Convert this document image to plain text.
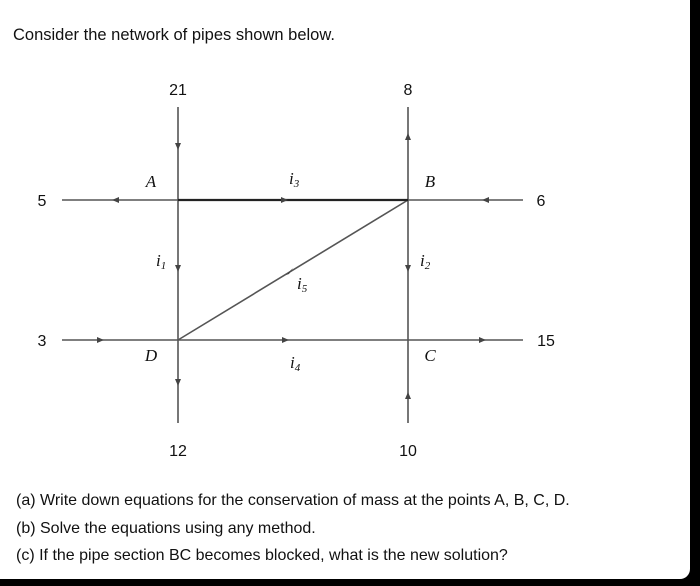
Consider the network of pipes shown below.
21	8
5	6
3	15
12	10
A	B
C
D
i1	i2
i3
i4
i5
(a) Write down equations for the conservation of mass at the points A, B, C, D.
(b) Solve the equations using any method.
(c) If the pipe section BC becomes blocked, what is the new solution?
